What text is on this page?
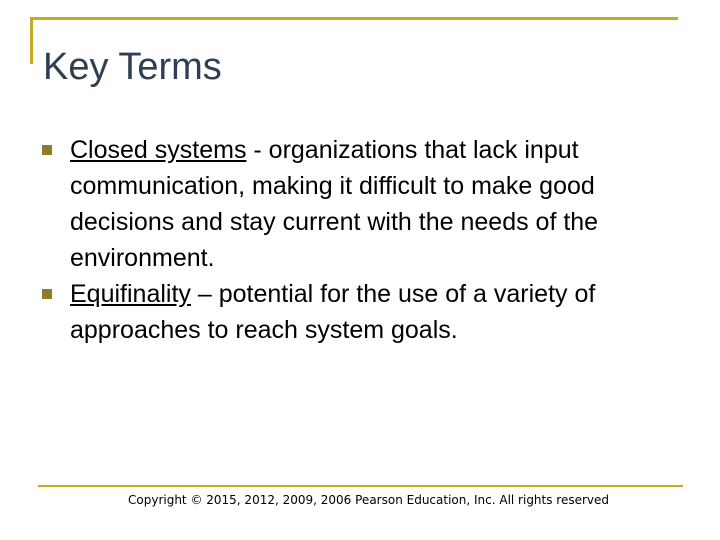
Key Terms
Closed systems - organizations that lack input communication, making it difficult to make good decisions and stay current with the needs of the environment.
Equifinality – potential for the use of a variety of approaches to reach system goals.
Copyright © 2015, 2012, 2009, 2006 Pearson Education, Inc. All rights reserved
